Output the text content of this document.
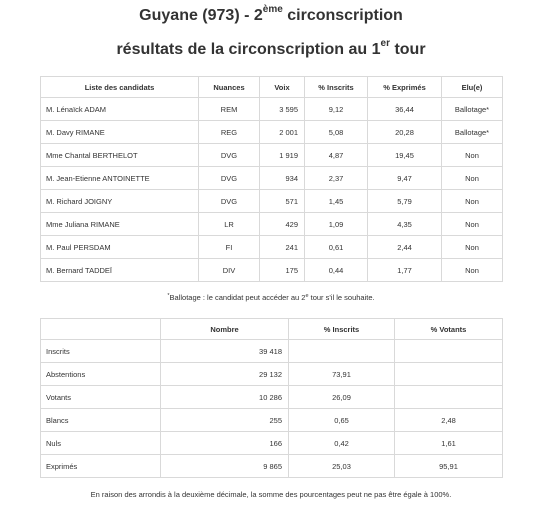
Guyane (973) - 2ème circonscription
résultats de la circonscription au 1er tour
Liste des candidats	Nuances	Voix	% Inscrits	% Exprimés	Elu(e)
M. Lénaïck ADAM	REM	3 595	9,12	36,44	Ballotage*
M. Davy RIMANE	REG	2 001	5,08	20,28	Ballotage*
Mme Chantal BERTHELOT	DVG	1 919	4,87	19,45	Non
M. Jean-Etienne ANTOINETTE	DVG	934	2,37	9,47	Non
M. Richard JOIGNY	DVG	571	1,45	5,79	Non
Mme Juliana RIMANE	LR	429	1,09	4,35	Non
M. Paul PERSDAM	FI	241	0,61	2,44	Non
M. Bernard TADDEÏ	DIV	175	0,44	1,77	Non
*Ballotage : le candidat peut accéder au 2e tour s'il le souhaite.
	Nombre	% Inscrits	% Votants
Inscrits	39 418		
Abstentions	29 132	73,91	
Votants	10 286	26,09	
Blancs	255	0,65	2,48
Nuls	166	0,42	1,61
Exprimés	9 865	25,03	95,91
En raison des arrondis à la deuxième décimale, la somme des pourcentages peut ne pas être égale à 100%.
